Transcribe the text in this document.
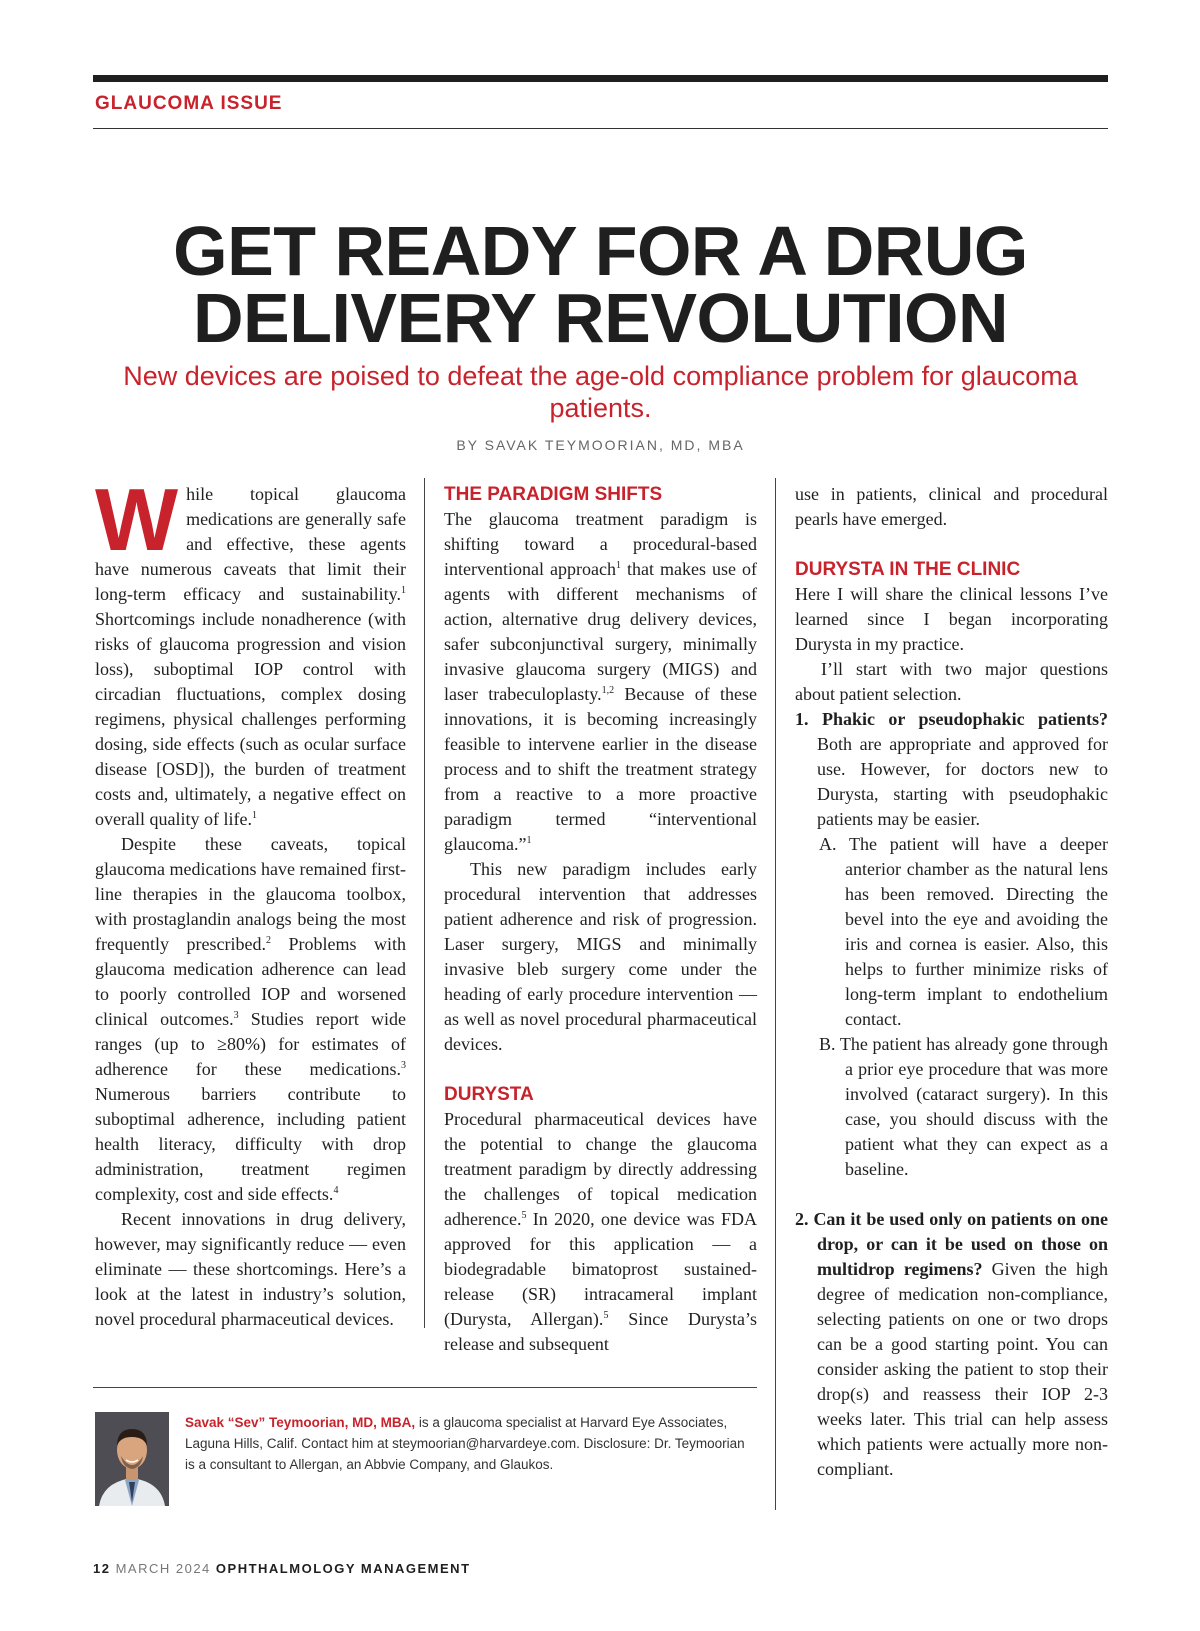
GLAUCOMA ISSUE
GET READY FOR A DRUG DELIVERY REVOLUTION
New devices are poised to defeat the age-old compliance problem for glaucoma patients.
BY SAVAK TEYMOORIAN, MD, MBA

While topical glaucoma medications are generally safe and effective, these agents have numerous caveats that limit their long-term efficacy and sustainability.$^1$ Shortcomings include nonadherence (with risks of glaucoma progression and vision loss), suboptimal IOP control with circadian fluctuations, complex dosing regimens, physical challenges performing dosing, side effects (such as ocular surface disease [OSD]), the burden of treatment costs and, ultimately, a negative effect on overall quality of life.$^1$

Despite these caveats, topical glaucoma medications have remained first-line therapies in the glaucoma toolbox, with prostaglandin analogs being the most frequently prescribed.$^2$ Problems with glaucoma medication adherence can lead to poorly controlled IOP and worsened clinical outcomes.$^3$ Studies report wide ranges (up to ≥80%) for estimates of adherence for these medications.$^3$ Numerous barriers contribute to suboptimal adherence, including patient health literacy, difficulty with drop administration, treatment regimen complexity, cost and side effects.$^4$

Recent innovations in drug delivery, however, may significantly reduce — even eliminate — these shortcomings. Here’s a look at the latest in industry’s solution, novel procedural pharmaceutical devices.

THE PARADIGM SHIFTS

The glaucoma treatment paradigm is shifting toward a procedural-based interventional approach$^1$ that makes use of agents with different mechanisms of action, alternative drug delivery devices, safer subconjunctival surgery, minimally invasive glaucoma surgery (MIGS) and laser trabeculoplasty.$^{1,2}$ Because of these innovations, it is becoming increasingly feasible to intervene earlier in the disease process and to shift the treatment strategy from a reactive to a more proactive paradigm termed “interventional glaucoma.”$^1$

This new paradigm includes early procedural intervention that addresses patient adherence and risk of progression. Laser surgery, MIGS and minimally invasive bleb surgery come under the heading of early procedure intervention — as well as novel procedural pharmaceutical devices.

DURYSTA

Procedural pharmaceutical devices have the potential to change the glaucoma treatment paradigm by directly addressing the challenges of topical medication adherence.$^5$ In 2020, one device was FDA approved for this application — a biodegradable bimatoprost sustained-release (SR) intracameral implant (Durysta, Allergan).$^5$ Since Durysta’s release and subsequent

use in patients, clinical and procedural pearls have emerged.

DURYSTA IN THE CLINIC

Here I will share the clinical lessons I’ve learned since I began incorporating Durysta in my practice.

I’ll start with two major questions about patient selection.

1. Phakic or pseudophakic patients? Both are appropriate and approved for use. However, for doctors new to Durysta, starting with pseudophakic patients may be easier.

A. The patient will have a deeper anterior chamber as the natural lens has been removed. Directing the bevel into the eye and avoiding the iris and cornea is easier. Also, this helps to further minimize risks of long-term implant to endothelium contact.

B. The patient has already gone through a prior eye procedure that was more involved (cataract surgery). In this case, you should discuss with the patient what they can expect as a baseline.

2. Can it be used only on patients on one drop, or can it be used on those on multidrop regimens? Given the high degree of medication non-compliance, selecting patients on one or two drops can be a good starting point. You can consider asking the patient to stop their drop(s) and reassess their IOP 2-3 weeks later. This trial can help assess which patients were actually more non-compliant.

Savak “Sev” Teymoorian, MD, MBA, is a glaucoma specialist at Harvard Eye Associates, Laguna Hills, Calif. Contact him at steymoorian@harvardeye.com. Disclosure: Dr. Teymoorian is a consultant to Allergan, an Abbvie Company, and Glaukos.
12 MARCH 2024 OPHTHALMOLOGY MANAGEMENT
